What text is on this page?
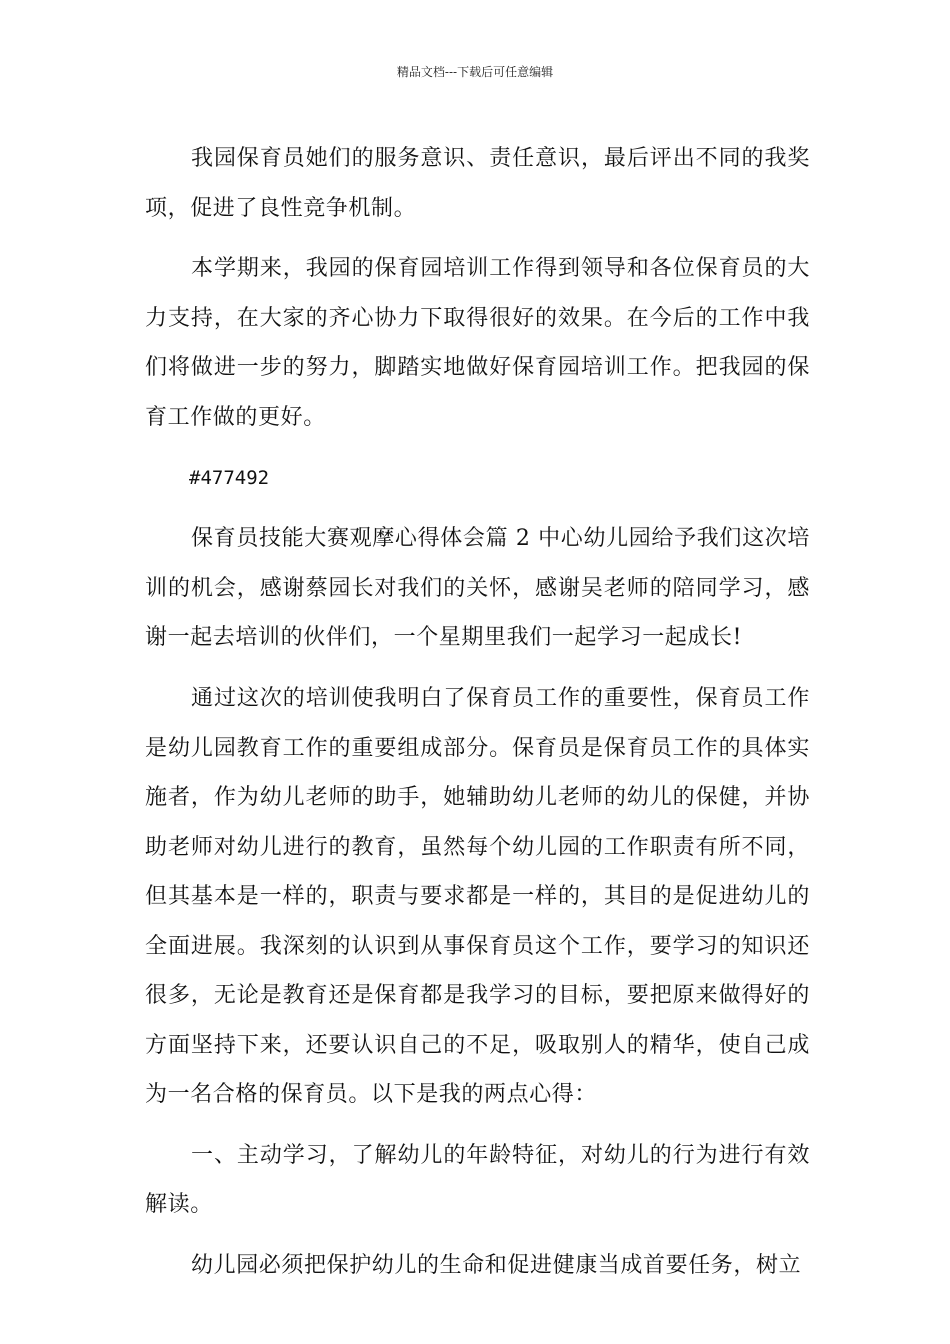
精品文档---下载后可任意编辑

我园保育员她们的服务意识、责任意识，最后评出不同的我奖项，促进了良性竞争机制。

本学期来，我园的保育园培训工作得到领导和各位保育员的大力支持，在大家的齐心协力下取得很好的效果。在今后的工作中我们将做进一步的努力，脚踏实地做好保育园培训工作。把我园的保育工作做的更好。

#477492

保育员技能大赛观摩心得体会篇 2 中心幼儿园给予我们这次培训的机会，感谢蔡园长对我们的关怀，感谢吴老师的陪同学习，感谢一起去培训的伙伴们，一个星期里我们一起学习一起成长!

通过这次的培训使我明白了保育员工作的重要性，保育员工作是幼儿园教育工作的重要组成部分。保育员是保育员工作的具体实施者，作为幼儿老师的助手，她辅助幼儿老师的幼儿的保健，并协助老师对幼儿进行的教育，虽然每个幼儿园的工作职责有所不同，但其基本是一样的，职责与要求都是一样的，其目的是促进幼儿的全面进展。我深刻的认识到从事保育员这个工作，要学习的知识还很多，无论是教育还是保育都是我学习的目标，要把原来做得好的方面坚持下来，还要认识自己的不足，吸取别人的精华，使自己成为一名合格的保育员。以下是我的两点心得：

一、主动学习，了解幼儿的年龄特征，对幼儿的行为进行有效解读。

幼儿园必须把保护幼儿的生命和促进健康当成首要任务，树立
